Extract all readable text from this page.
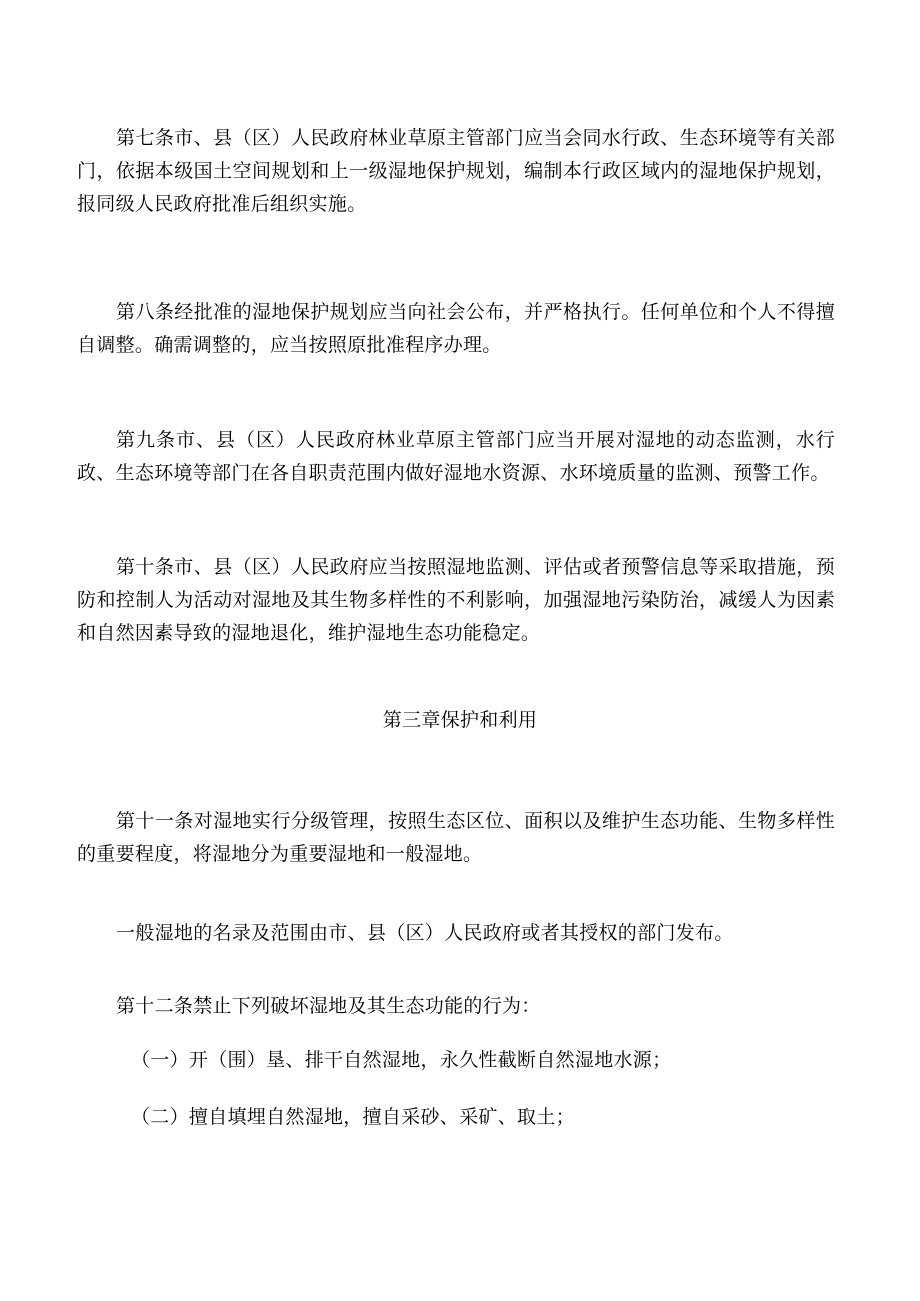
第七条市、县（区）人民政府林业草原主管部门应当会同水行政、生态环境等有关部门，依据本级国土空间规划和上一级湿地保护规划，编制本行政区域内的湿地保护规划，报同级人民政府批准后组织实施。

第八条经批准的湿地保护规划应当向社会公布，并严格执行。任何单位和个人不得擅自调整。确需调整的，应当按照原批准程序办理。

第九条市、县（区）人民政府林业草原主管部门应当开展对湿地的动态监测，水行政、生态环境等部门在各自职责范围内做好湿地水资源、水环境质量的监测、预警工作。

第十条市、县（区）人民政府应当按照湿地监测、评估或者预警信息等采取措施，预防和控制人为活动对湿地及其生物多样性的不利影响，加强湿地污染防治，减缓人为因素和自然因素导致的湿地退化，维护湿地生态功能稳定。

第三章保护和利用

第十一条对湿地实行分级管理，按照生态区位、面积以及维护生态功能、生物多样性的重要程度，将湿地分为重要湿地和一般湿地。

一般湿地的名录及范围由市、县（区）人民政府或者其授权的部门发布。

第十二条禁止下列破坏湿地及其生态功能的行为：

（一）开（围）垦、排干自然湿地，永久性截断自然湿地水源；

（二）擅自填埋自然湿地，擅自采砂、采矿、取土；
